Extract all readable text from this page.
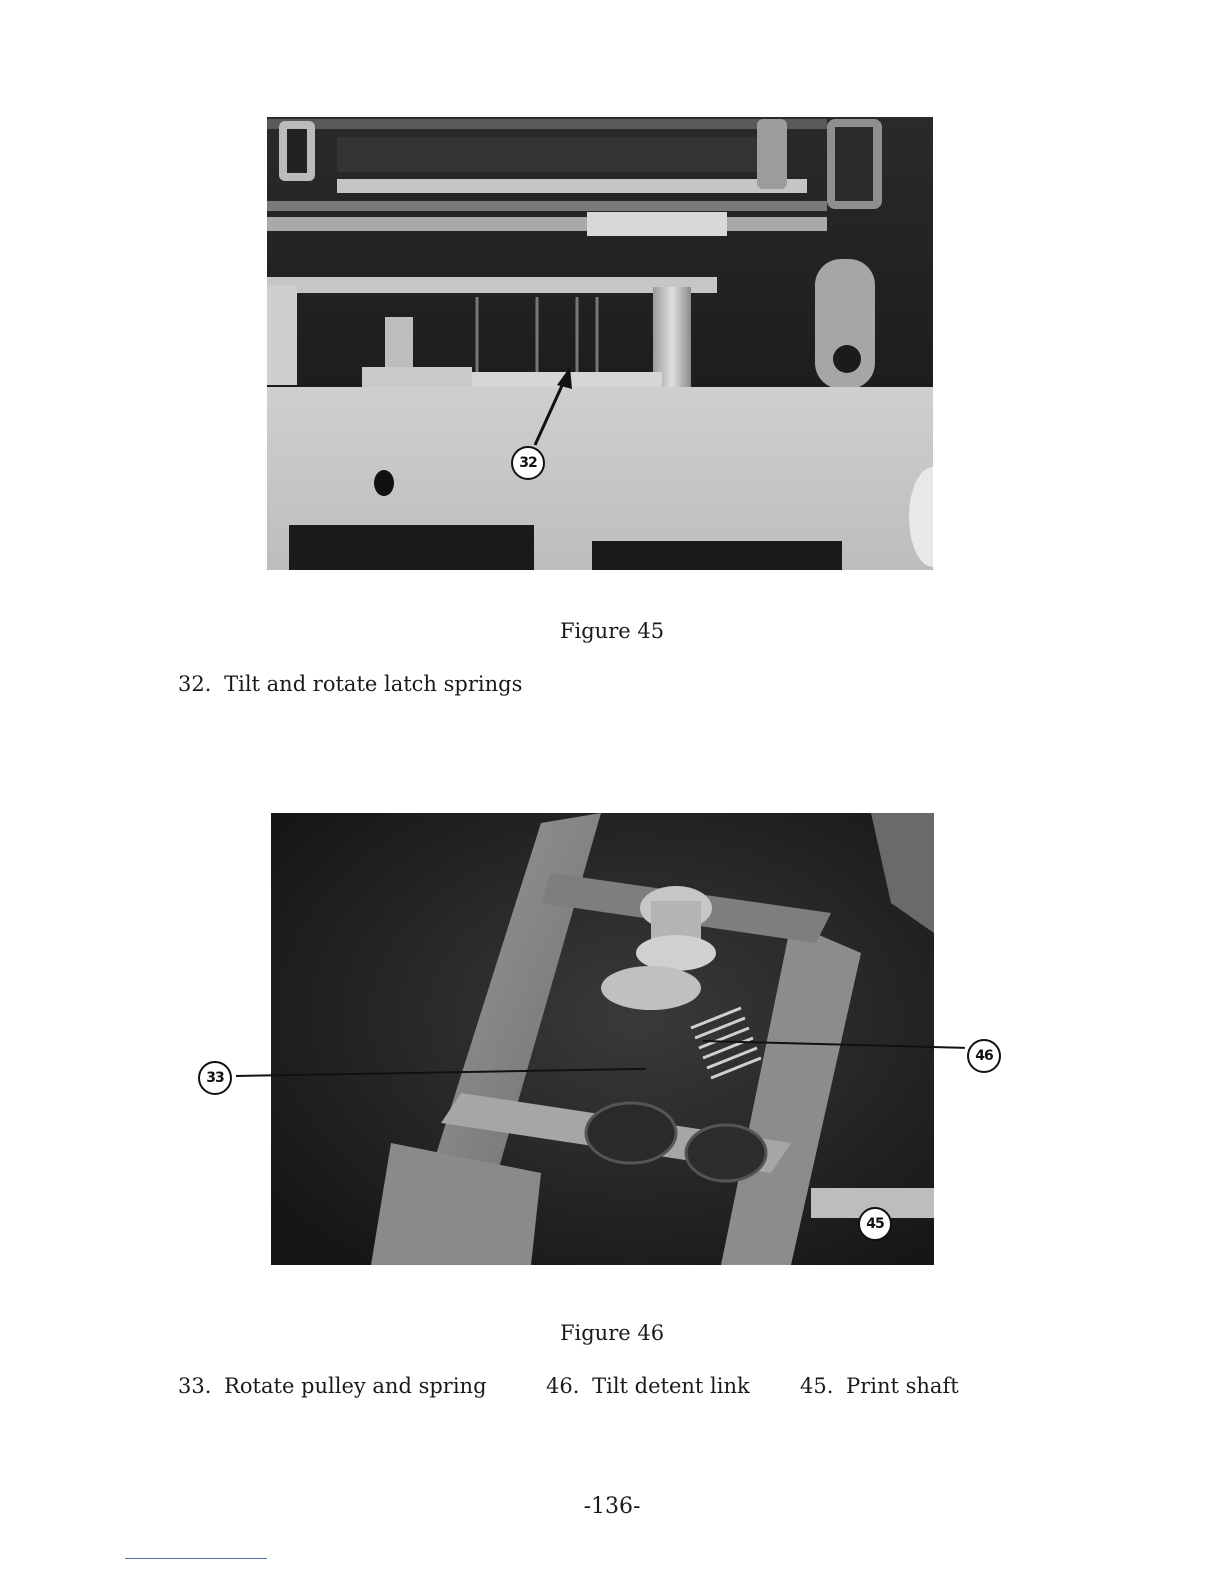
32
Figure 45
32. Tilt and rotate latch springs
33
46
45
Figure 46
33. Rotate pulley and spring	46. Tilt detent link 45. Print shaft
-136-
